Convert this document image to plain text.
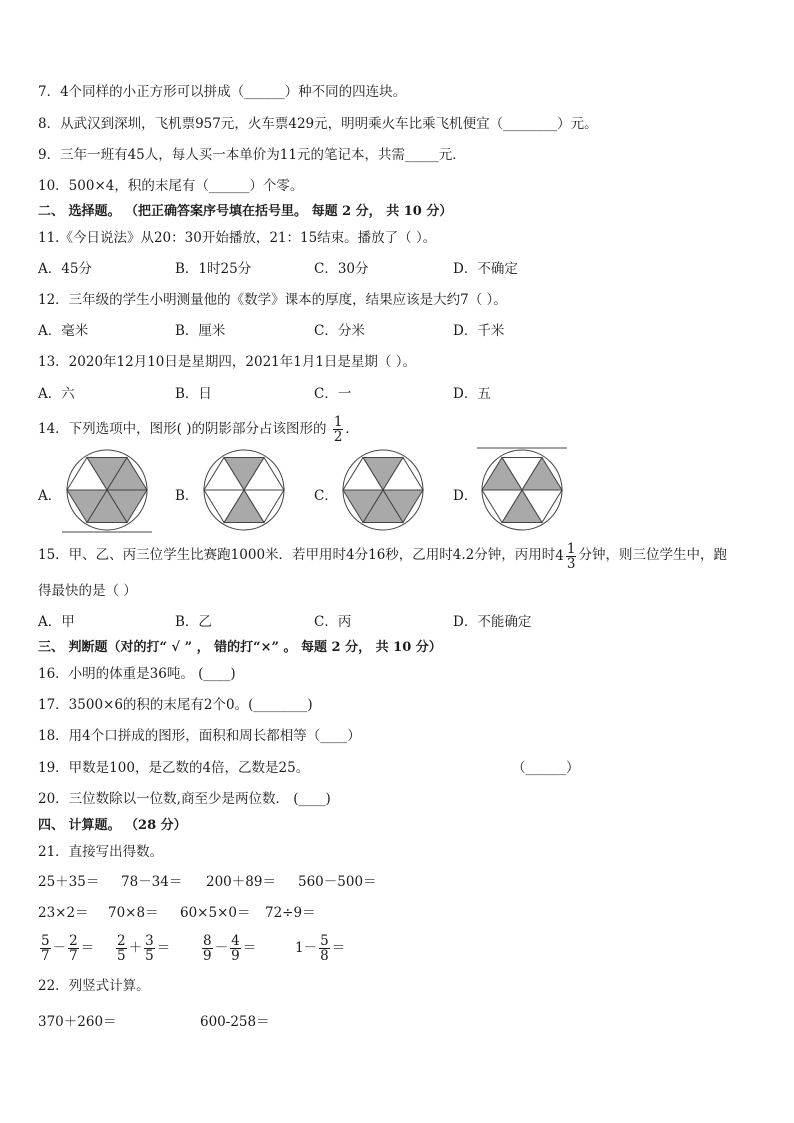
7．4个同样的小正方形可以拼成（______）种不同的四连块。
8．从武汉到深圳，飞机票957元，火车票429元，明明乘火车比乘飞机便宜（________）元。
9．三年一班有45人，每人买一本单价为11元的笔记本，共需_____元．
10．500×4，积的末尾有（______）个零。
二、 选择题。 （把正确答案序号填在括号里。 每题 2 分， 共 10 分）
11.《今日说法》从20：30开始播放，21：15结束。播放了（ ）。
A．45分	B．1时25分	C．30分	D．不确定
12．三年级的学生小明测量他的《数学》课本的厚度，结果应该是大约7（ ）。
A．毫米	B．厘米	C．分米	D．千米
13．2020年12月10日是星期四，2021年1月1日是星期（ ）。
A．六	B．日	C．一	D．五
14．下列选项中，图形( )的阴影部分占该图形的 $\frac{1}{2}$ ．
A．	B．	C．	D．
15．甲、乙、丙三位学生比赛跑1000米．若甲用时4分16秒，乙用时4.2分钟，丙用时$4 \frac{1}{3}$ 分钟，则三位学生中，跑
得最快的是（ ）
A．甲	B．乙	C．丙	D．不能确定
三、 判断题（对的打“ √ ” ， 错的打“×” 。 每题 2 分， 共 10 分）
16．小明的体重是36吨。 (____)
17．3500×6的积的末尾有2个0。(________)
18．用4个口拼成的图形，面积和周长都相等（____）
19．甲数是100，是乙数的4倍，乙数是25。	（______）
20．三位数除以一位数,商至少是两位数． (____)
四、 计算题。 （28 分）
21．直接写出得数。
25＋35＝ 78－34＝ 200＋89＝ 560－500＝
23×2＝ 70×8＝ 60×5×0＝ 72÷9＝
$\frac{5}{7} - \frac{2}{7} = \frac{2}{5} + \frac{3}{5} = \frac{8}{9} - \frac{4}{9}$ ＝	$1- \frac{5}{8}$ ＝
22．列竖式计算。
370＋260＝	600-258＝
